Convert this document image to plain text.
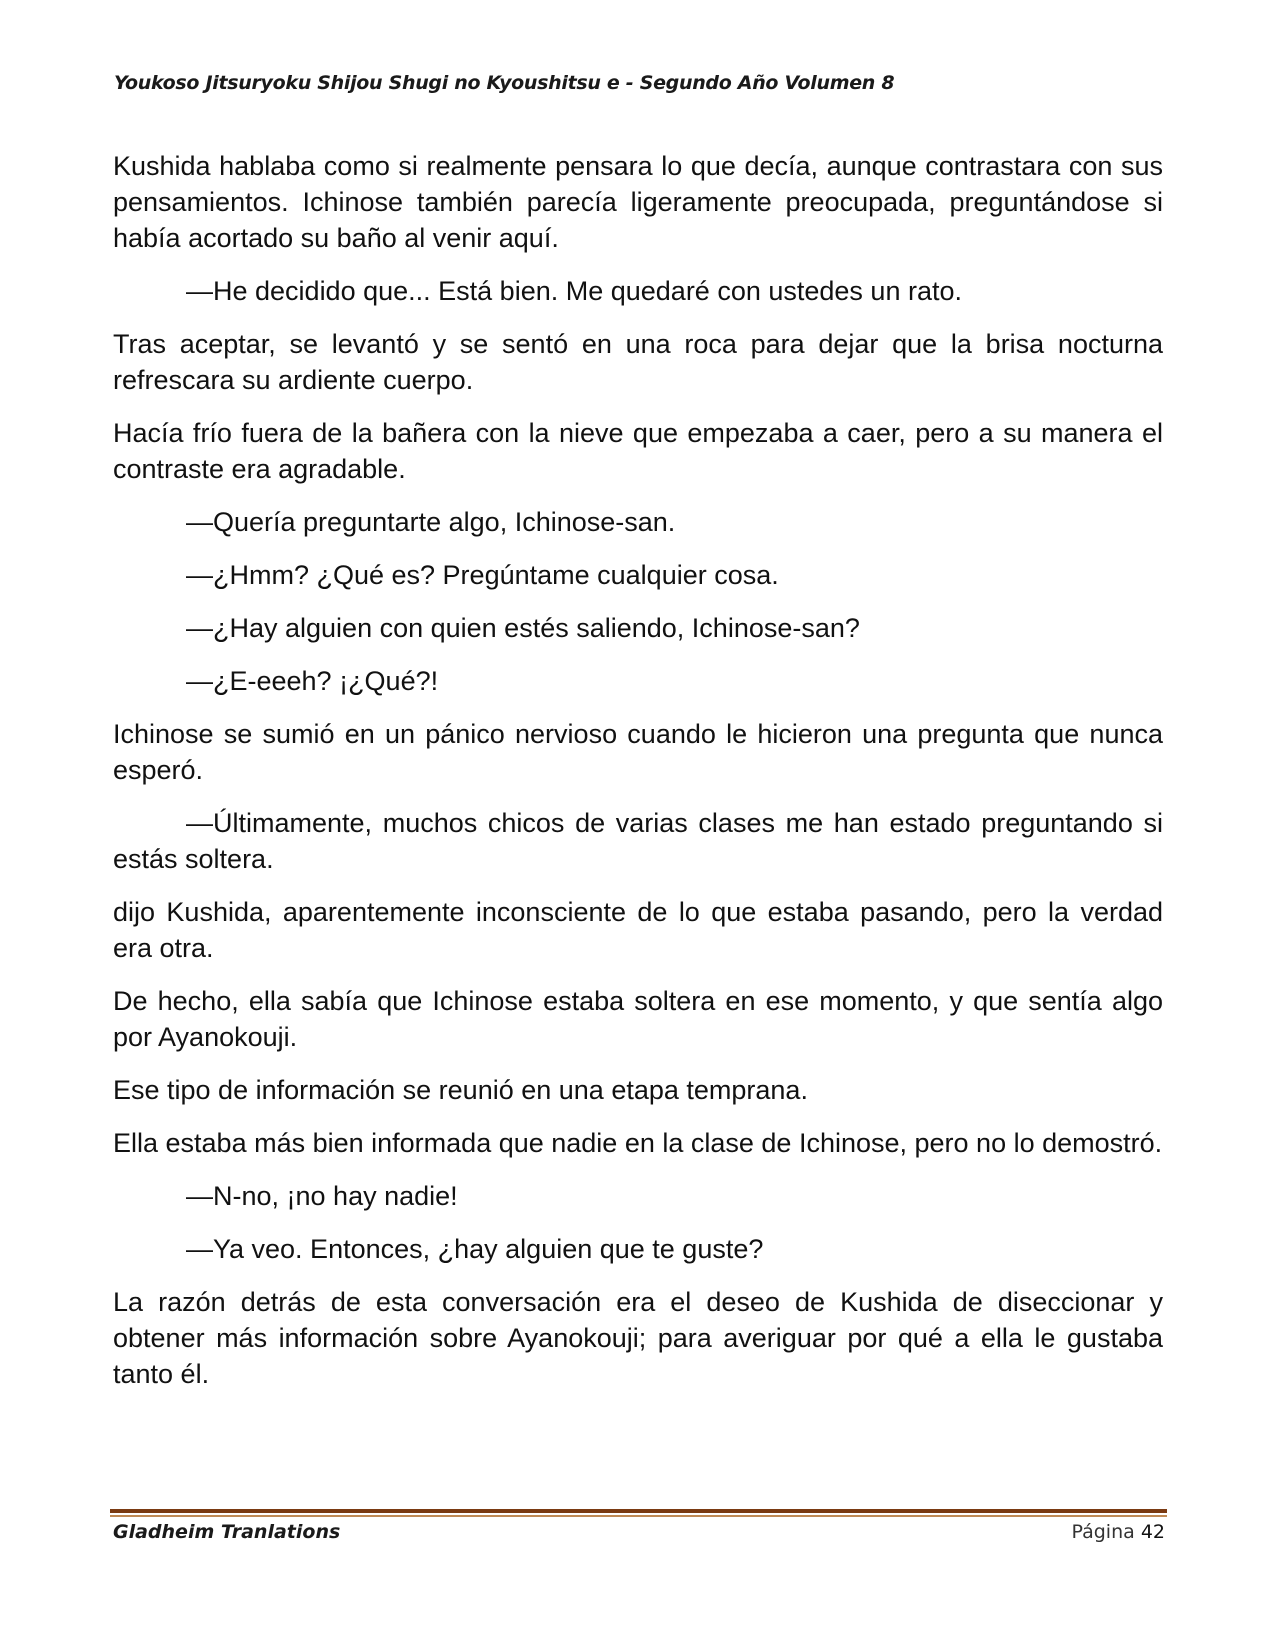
Youkoso Jitsuryoku Shijou Shugi no Kyoushitsu e - Segundo Año Volumen 8

Kushida hablaba como si realmente pensara lo que decía, aunque contrastara con sus pensamientos. Ichinose también parecía ligeramente preocupada, preguntándose si había acortado su baño al venir aquí.

—He decidido que... Está bien. Me quedaré con ustedes un rato.

Tras aceptar, se levantó y se sentó en una roca para dejar que la brisa nocturna refrescara su ardiente cuerpo.

Hacía frío fuera de la bañera con la nieve que empezaba a caer, pero a su manera el contraste era agradable.

—Quería preguntarte algo, Ichinose-san.

—¿Hmm? ¿Qué es? Pregúntame cualquier cosa.

—¿Hay alguien con quien estés saliendo, Ichinose-san?

—¿E-eeeh? ¡¿Qué?!

Ichinose se sumió en un pánico nervioso cuando le hicieron una pregunta que nunca esperó.

—Últimamente, muchos chicos de varias clases me han estado preguntando si estás soltera.

dijo Kushida, aparentemente inconsciente de lo que estaba pasando, pero la verdad era otra.

De hecho, ella sabía que Ichinose estaba soltera en ese momento, y que sentía algo por Ayanokouji.

Ese tipo de información se reunió en una etapa temprana.

Ella estaba más bien informada que nadie en la clase de Ichinose, pero no lo demostró.

—N-no, ¡no hay nadie!

—Ya veo. Entonces, ¿hay alguien que te guste?

La razón detrás de esta conversación era el deseo de Kushida de diseccionar y obtener más información sobre Ayanokouji; para averiguar por qué a ella le gustaba tanto él.

Gladheim Tranlations	Página 42
